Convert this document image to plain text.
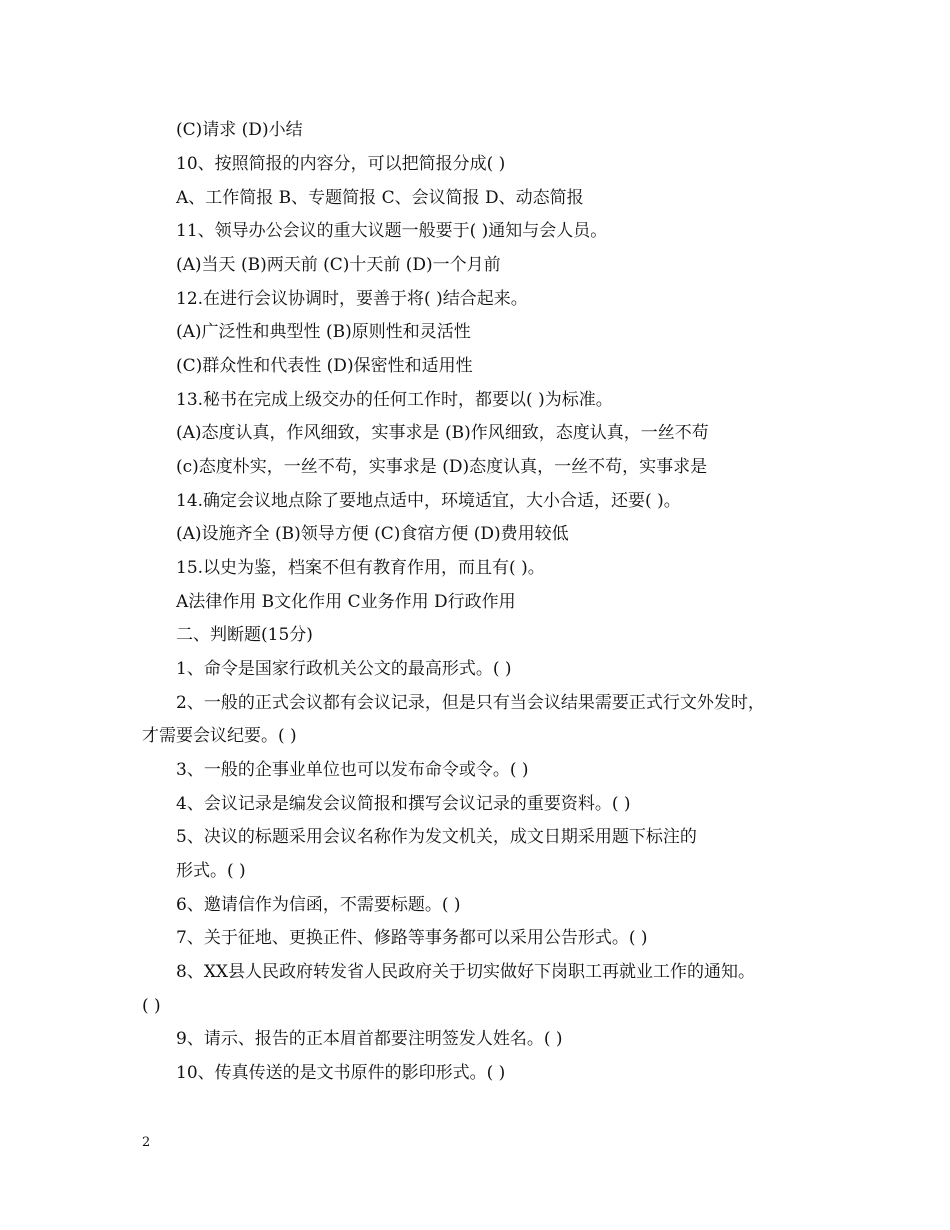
(C)请求 (D)小结
10、按照简报的内容分，可以把简报分成( )
A、工作简报 B、专题简报 C、会议简报 D、动态简报
11、领导办公会议的重大议题一般要于( )通知与会人员。
(A)当天 (B)两天前 (C)十天前 (D)一个月前
12.在进行会议协调时，要善于将( )结合起来。
(A)广泛性和典型性 (B)原则性和灵活性
(C)群众性和代表性 (D)保密性和适用性
13.秘书在完成上级交办的任何工作时，都要以( )为标准。
(A)态度认真，作风细致，实事求是 (B)作风细致，态度认真，一丝不苟
(c)态度朴实，一丝不苟，实事求是 (D)态度认真，一丝不苟，实事求是
14.确定会议地点除了要地点适中，环境适宜，大小合适，还要( )。
(A)设施齐全 (B)领导方便 (C)食宿方便 (D)费用较低
15.以史为鉴，档案不但有教育作用，而且有( )。
A法律作用 B文化作用 C业务作用 D行政作用
二、判断题(15分)
1、命令是国家行政机关公文的最高形式。( )
2、一般的正式会议都有会议记录，但是只有当会议结果需要正式行文外发时，
才需要会议纪要。( )
3、一般的企事业单位也可以发布命令或令。( )
4、会议记录是编发会议简报和撰写会议记录的重要资料。( )
5、决议的标题采用会议名称作为发文机关，成文日期采用题下标注的
形式。( )
6、邀请信作为信函，不需要标题。( )
7、关于征地、更换正件、修路等事务都可以采用公告形式。( )
8、XX县人民政府转发省人民政府关于切实做好下岗职工再就业工作的通知。
( )
9、请示、报告的正本眉首都要注明签发人姓名。( )
10、传真传送的是文书原件的影印形式。( )
2
